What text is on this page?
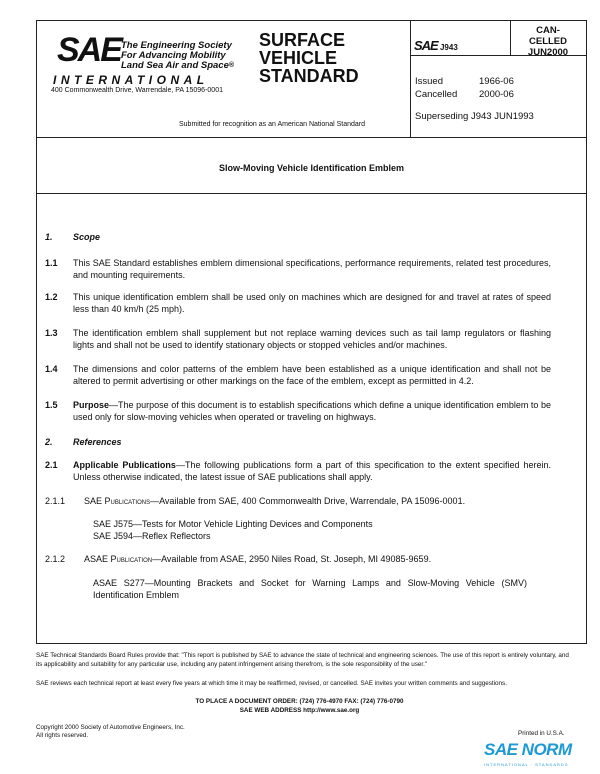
SAE The Engineering Society
For Advancing Mobility
Land Sea Air and Space®
INTERNATIONAL
400 Commonwealth Drive, Warrendale, PA 15096-0001
SURFACE
VEHICLE
STANDARD
Submitted for recognition as an American National Standard
SAE J943
CAN-
CELLED
JUN2000
Issued	1966-06
Cancelled 2000-06
Superseding J943 JUN1993
Slow-Moving Vehicle Identification Emblem
1. Scope
1.1 This SAE Standard establishes emblem dimensional specifications, performance requirements, related test procedures, and mounting requirements.
1.2 This unique identification emblem shall be used only on machines which are designed for and travel at rates of speed less than 40 km/h (25 mph).
1.3 The identification emblem shall supplement but not replace warning devices such as tail lamp regulators or flashing lights and shall not be used to identify stationary objects or stopped vehicles and/or machines.
1.4 The dimensions and color patterns of the emblem have been established as a unique identification and shall not be altered to permit advertising or other markings on the face of the emblem, except as permitted in 4.2.
1.5 Purpose—The purpose of this document is to establish specifications which define a unique identification emblem to be used only for slow-moving vehicles when operated or traveling on highways.
2. References
2.1 Applicable Publications—The following publications form a part of this specification to the extent specified herein. Unless otherwise indicated, the latest issue of SAE publications shall apply.
2.1.1 SAE Publications—Available from SAE, 400 Commonwealth Drive, Warrendale, PA 15096-0001.
SAE J575—Tests for Motor Vehicle Lighting Devices and Components
SAE J594—Reflex Reflectors
2.1.2 ASAE Publication—Available from ASAE, 2950 Niles Road, St. Joseph, MI 49085-9659.
ASAE S277—Mounting Brackets and Socket for Warning Lamps and Slow-Moving Vehicle (SMV) Identification Emblem
SAE Technical Standards Board Rules provide that: "This report is published by SAE to advance the state of technical and engineering sciences. The use of this report is entirely voluntary, and its applicability and suitability for any particular use, including any patent infringement arising therefrom, is the sole responsibility of the user."
SAE reviews each technical report at least every five years at which time it may be reaffirmed, revised, or cancelled. SAE invites your written comments and suggestions.
TO PLACE A DOCUMENT ORDER: (724) 776-4970 FAX: (724) 776-0790
SAE WEB ADDRESS http://www.sae.org
Copyright 2000 Society of Automotive Engineers, Inc.
All rights reserved.	Printed in U.S.A.
SAE NORM
INTERNATIONAL · STANDARDS
